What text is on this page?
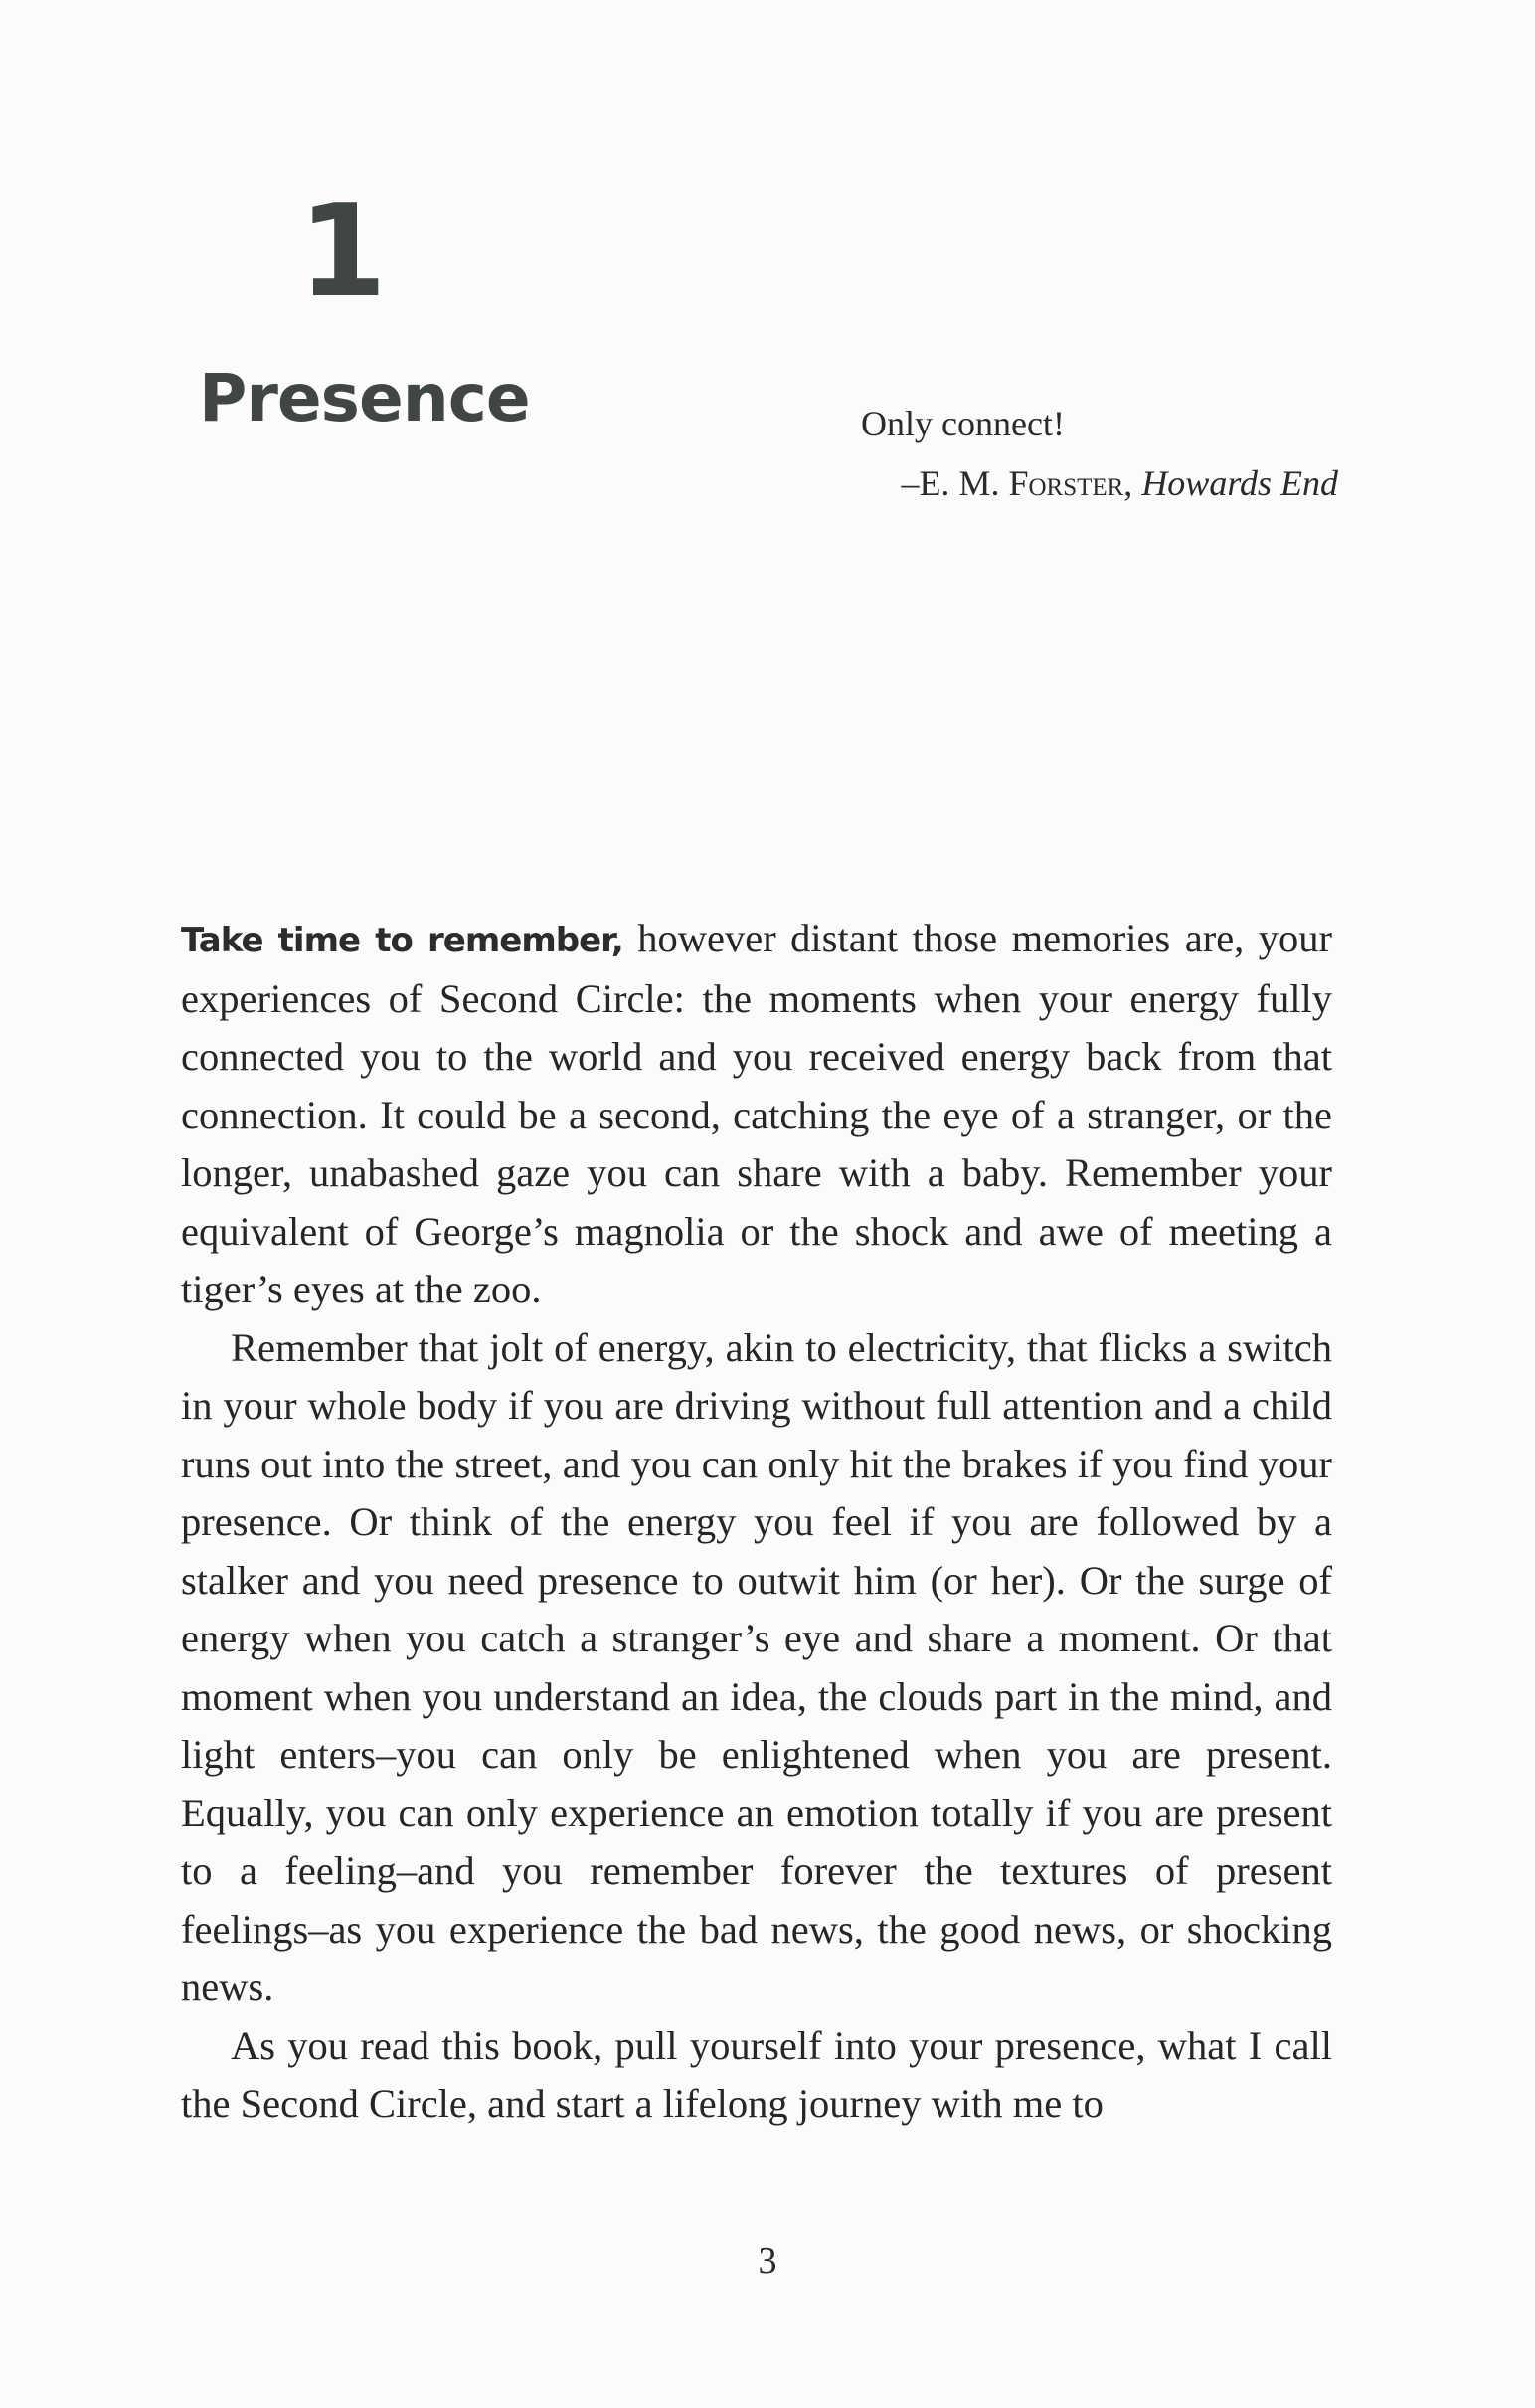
1
Presence	Only connect!
–E. M. Forster, Howards End

Take time to remember, however distant those memories are, your experiences of Second Circle: the moments when your energy fully connected you to the world and you received energy back from that connection. It could be a second, catching the eye of a stranger, or the longer, unabashed gaze you can share with a baby. Remember your equivalent of George’s magnolia or the shock and awe of meeting a tiger’s eyes at the zoo.

Remember that jolt of energy, akin to electricity, that flicks a switch in your whole body if you are driving without full attention and a child runs out into the street, and you can only hit the brakes if you find your presence. Or think of the energy you feel if you are followed by a stalker and you need presence to outwit him (or her). Or the surge of energy when you catch a stranger’s eye and share a moment. Or that moment when you understand an idea, the clouds part in the mind, and light enters–you can only be enlightened when you are present. Equally, you can only experience an emotion totally if you are present to a feeling–and you remember forever the textures of present feelings–as you experience the bad news, the good news, or shocking news.

As you read this book, pull yourself into your presence, what I call the Second Circle, and start a lifelong journey with me to

3
